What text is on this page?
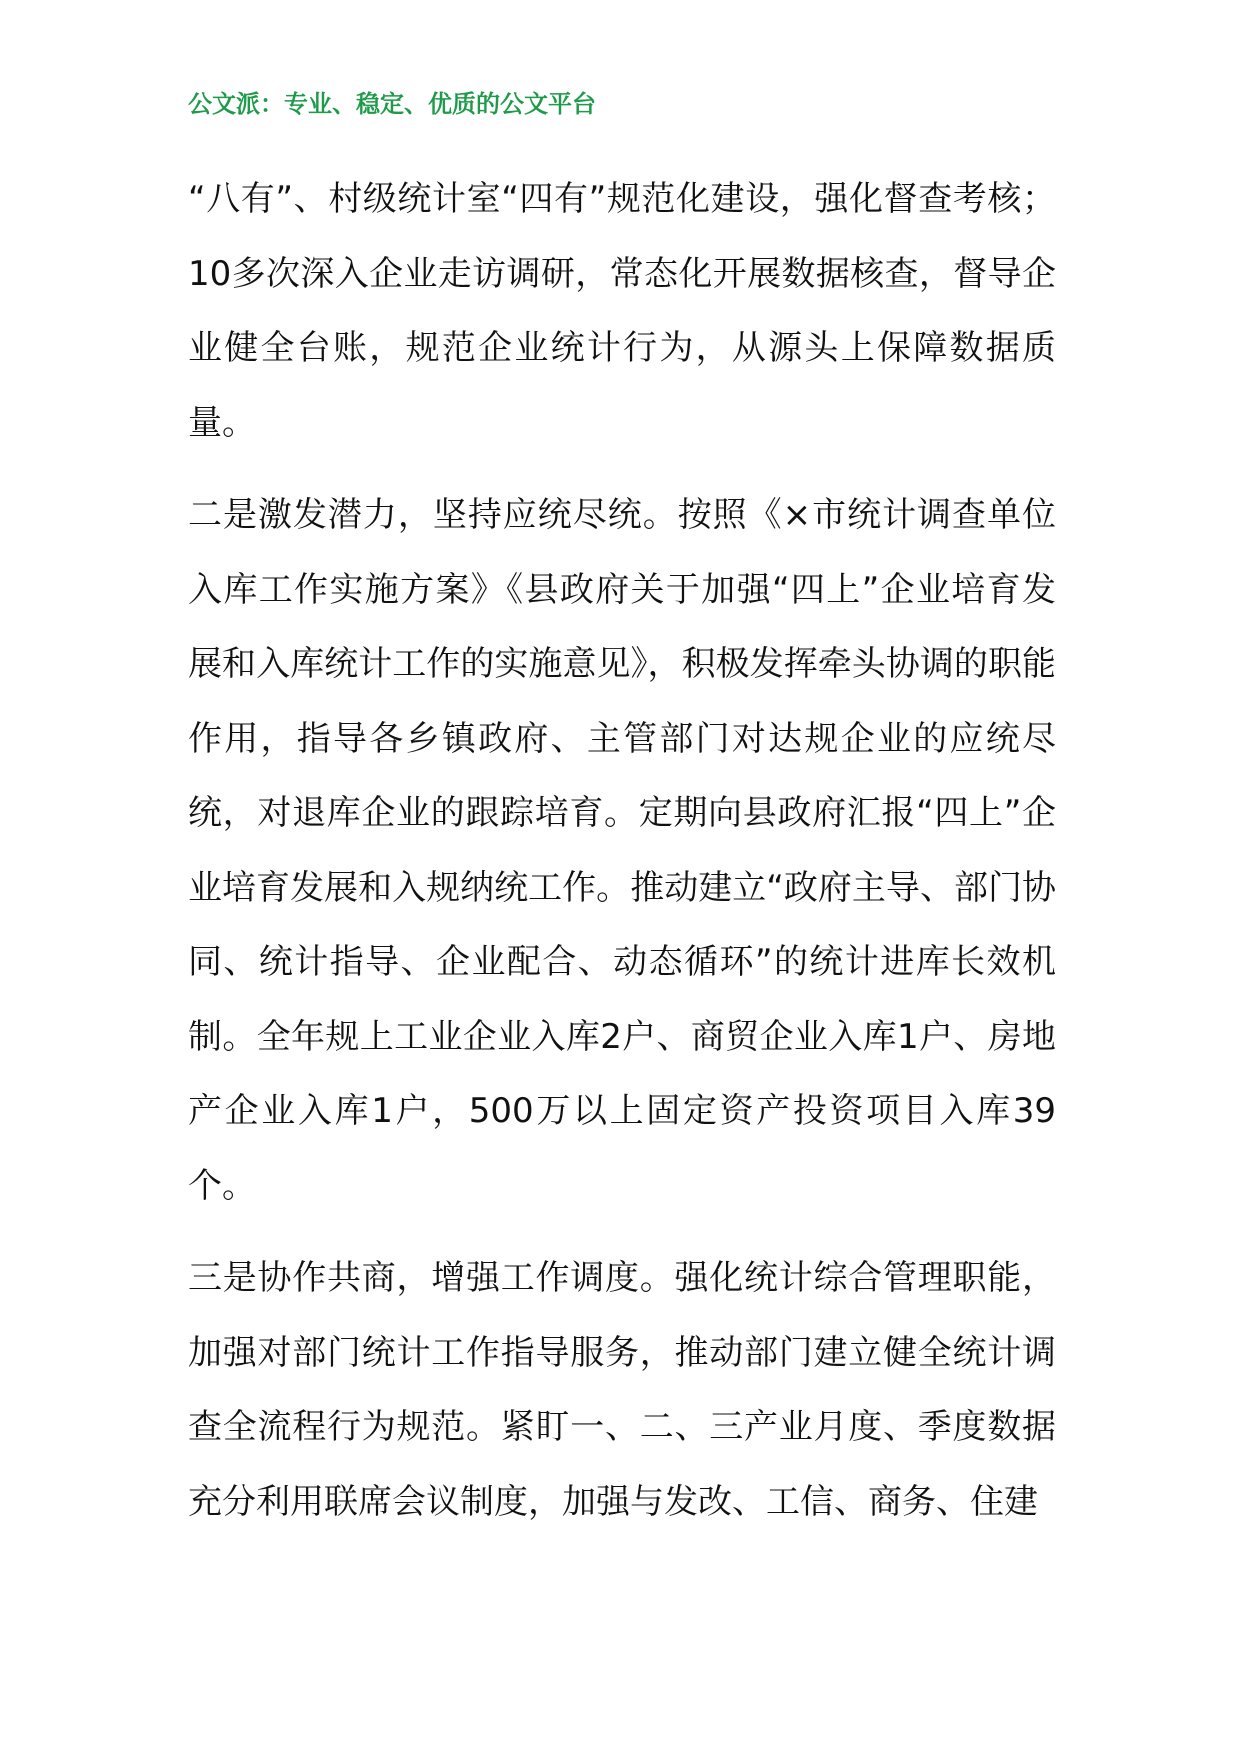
公文派：专业、稳定、优质的公文平台

“八有”、村级统计室“四有”规范化建设，强化督查考核；10多次深入企业走访调研，常态化开展数据核查，督导企业健全台账，规范企业统计行为，从源头上保障数据质量。

二是激发潜力，坚持应统尽统。按照《×市统计调查单位入库工作实施方案》《县政府关于加强“四上”企业培育发展和入库统计工作的实施意见》，积极发挥牵头协调的职能作用，指导各乡镇政府、主管部门对达规企业的应统尽统，对退库企业的跟踪培育。定期向县政府汇报“四上”企业培育发展和入规纳统工作。推动建立“政府主导、部门协同、统计指导、企业配合、动态循环”的统计进库长效机制。全年规上工业企业入库2户、商贸企业入库1户、房地产企业入库1户，500万以上固定资产投资项目入库39个。

三是协作共商，增强工作调度。强化统计综合管理职能，加强对部门统计工作指导服务，推动部门建立健全统计调查全流程行为规范。紧盯一、二、三产业月度、季度数据充分利用联席会议制度，加强与发改、工信、商务、住建
